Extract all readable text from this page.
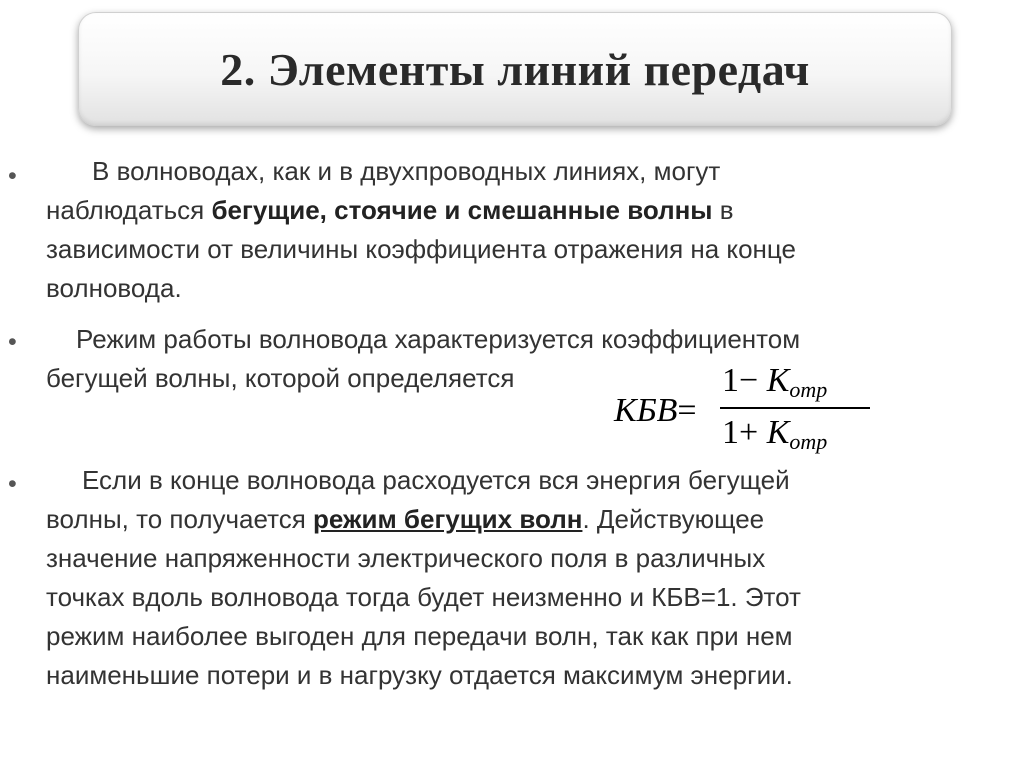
2. Элементы линий передач
•	В волноводах, как и в двухпроводных линиях, могут
наблюдаться бегущие, стоячие и смешанные волны в
зависимости от величины коэффициента отражения на конце
волновода.
•	Режим работы волновода характеризуется коэффициентом
бегущей волны, которой определяется
КБВ=
1− Kотр
1+ Kотр
•	Если в конце волновода расходуется вся энергия бегущей
волны, то получается режим бегущих волн. Действующее
значение напряженности электрического поля в различных
точках вдоль волновода тогда будет неизменно и КБВ=1. Этот
режим наиболее выгоден для передачи волн, так как при нем
наименьшие потери и в нагрузку отдается максимум энергии.
